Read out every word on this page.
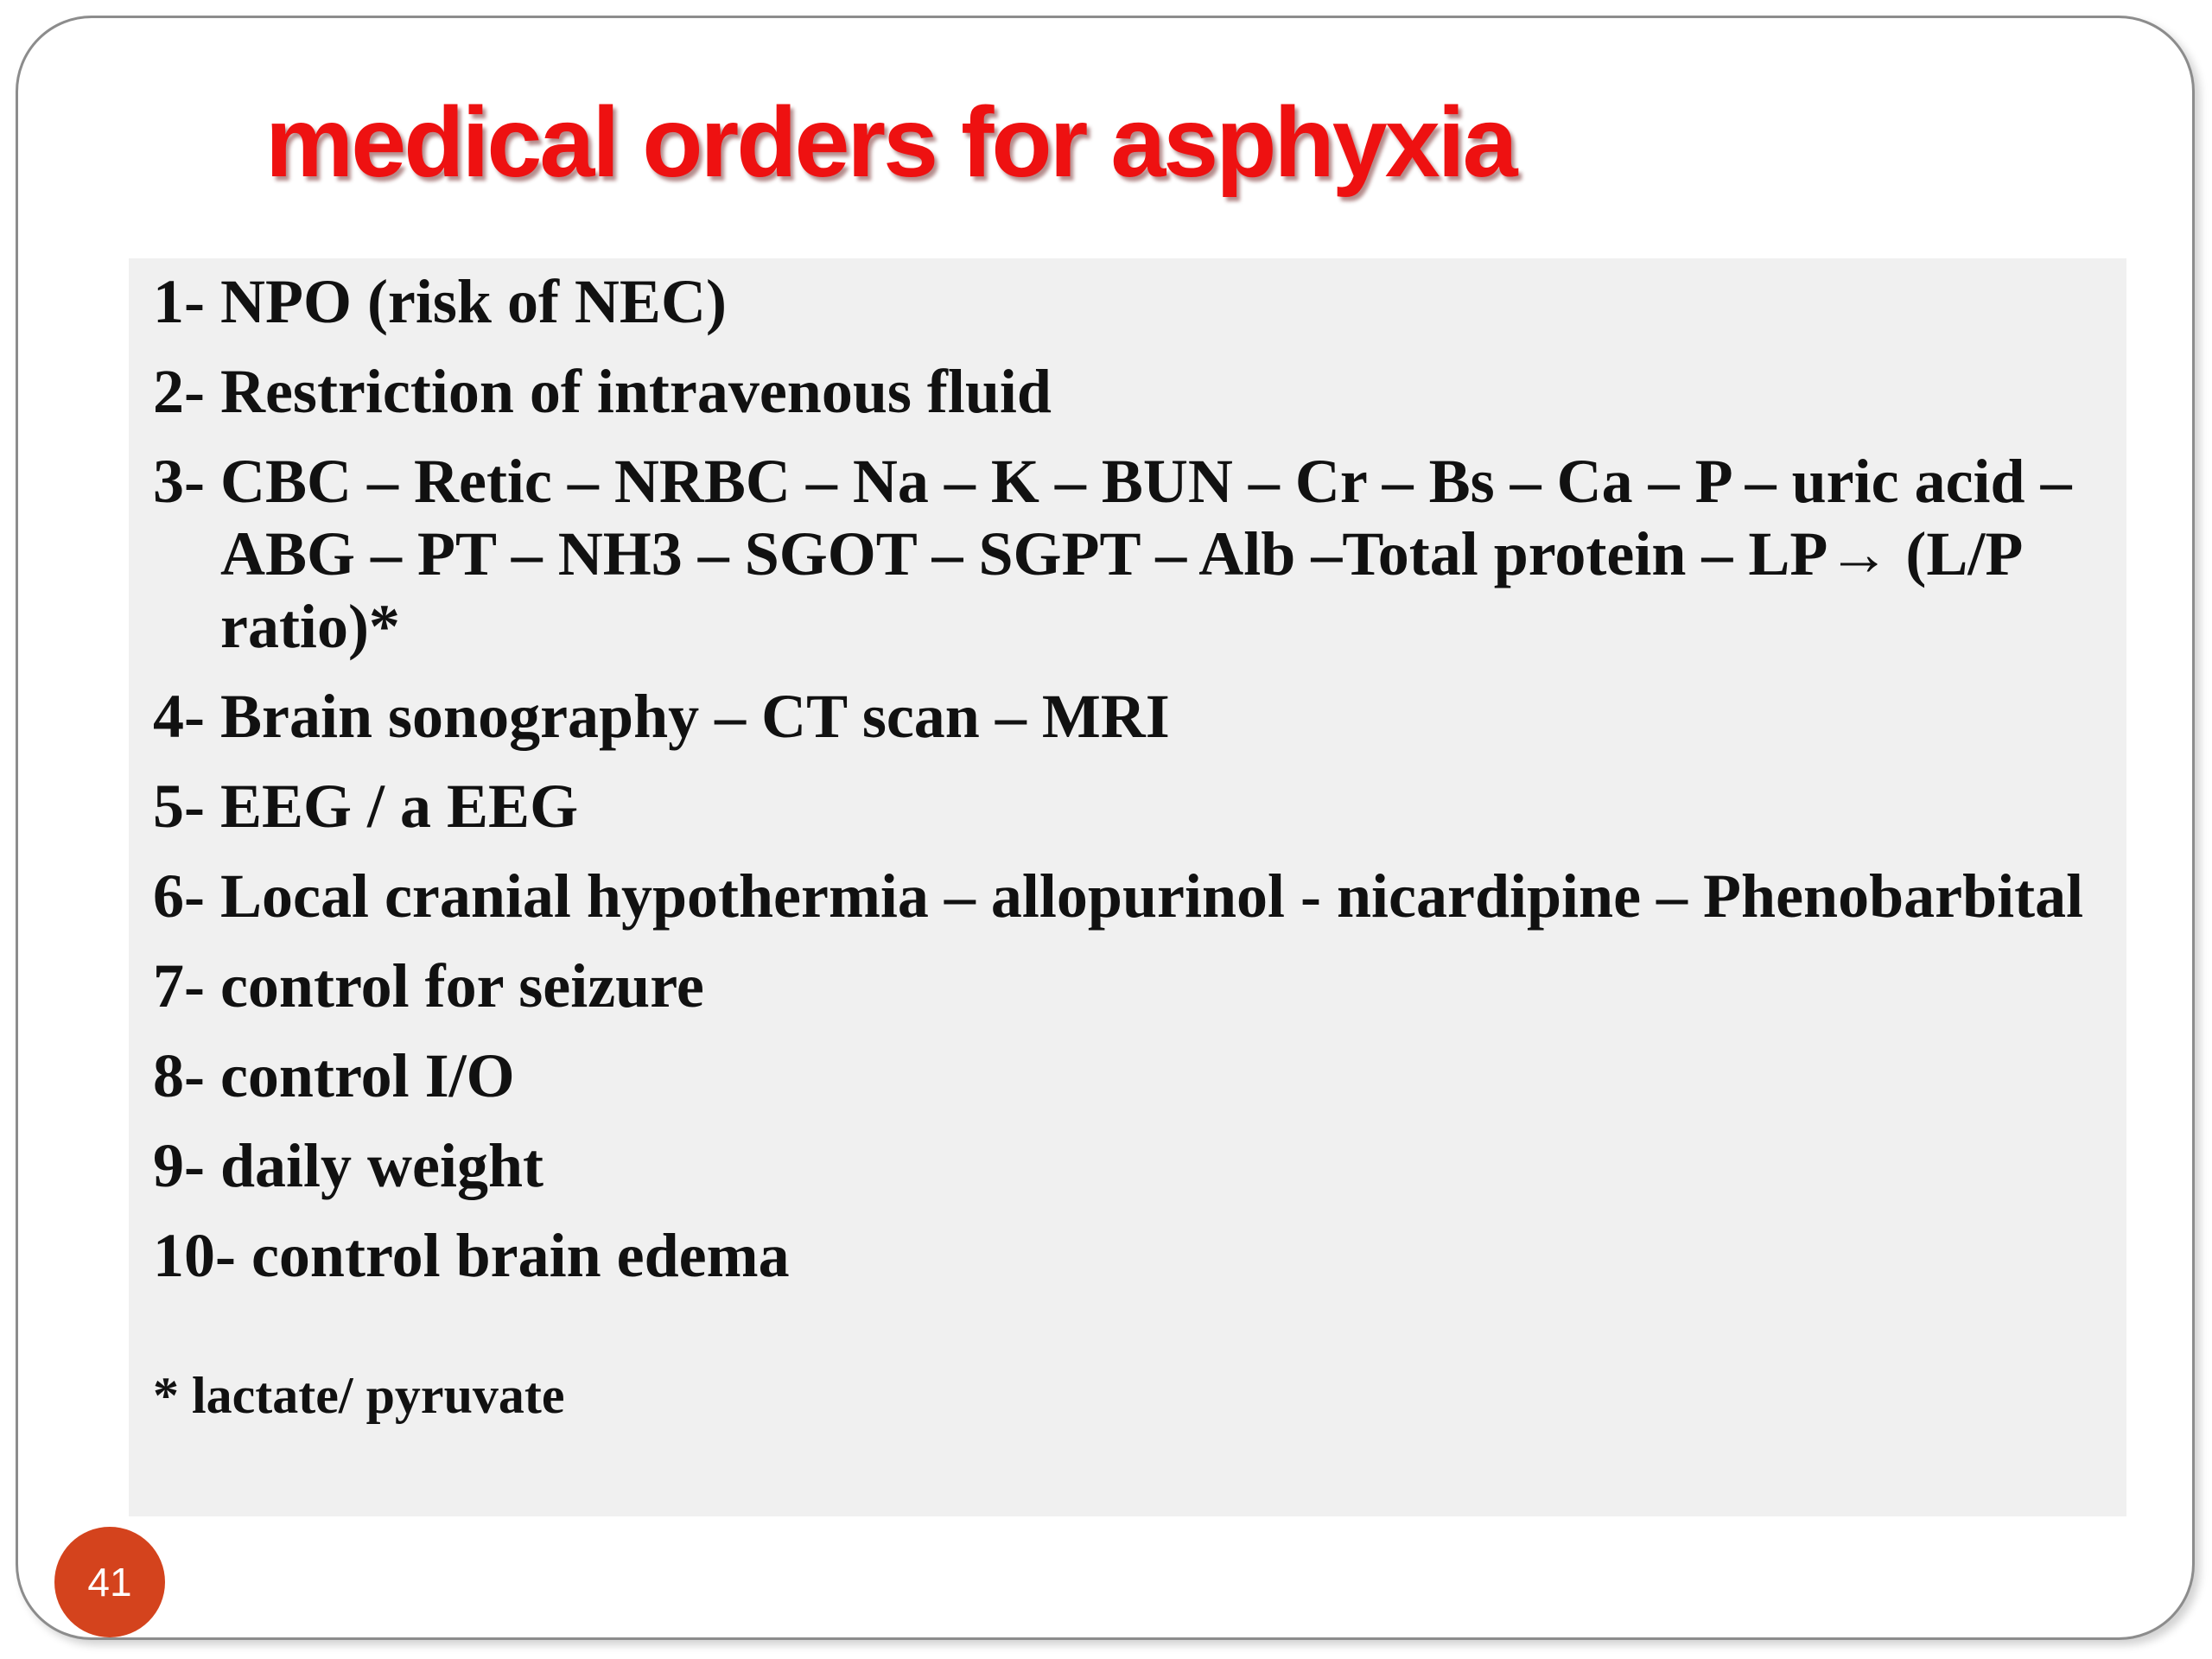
medical orders for asphyxia
1- NPO (risk of NEC)
2- Restriction of intravenous fluid
3- CBC – Retic – NRBC – Na – K – BUN – Cr – Bs – Ca – P – uric acid – ABG – PT – NH3 – SGOT – SGPT – Alb –Total protein – LP→ (L/P ratio)*
4- Brain sonography – CT scan – MRI
5- EEG / a EEG
6- Local cranial hypothermia – allopurinol - nicardipine – Phenobarbital
7- control for seizure
8- control I/O
9- daily weight
10- control brain edema

* lactate/ pyruvate

41
